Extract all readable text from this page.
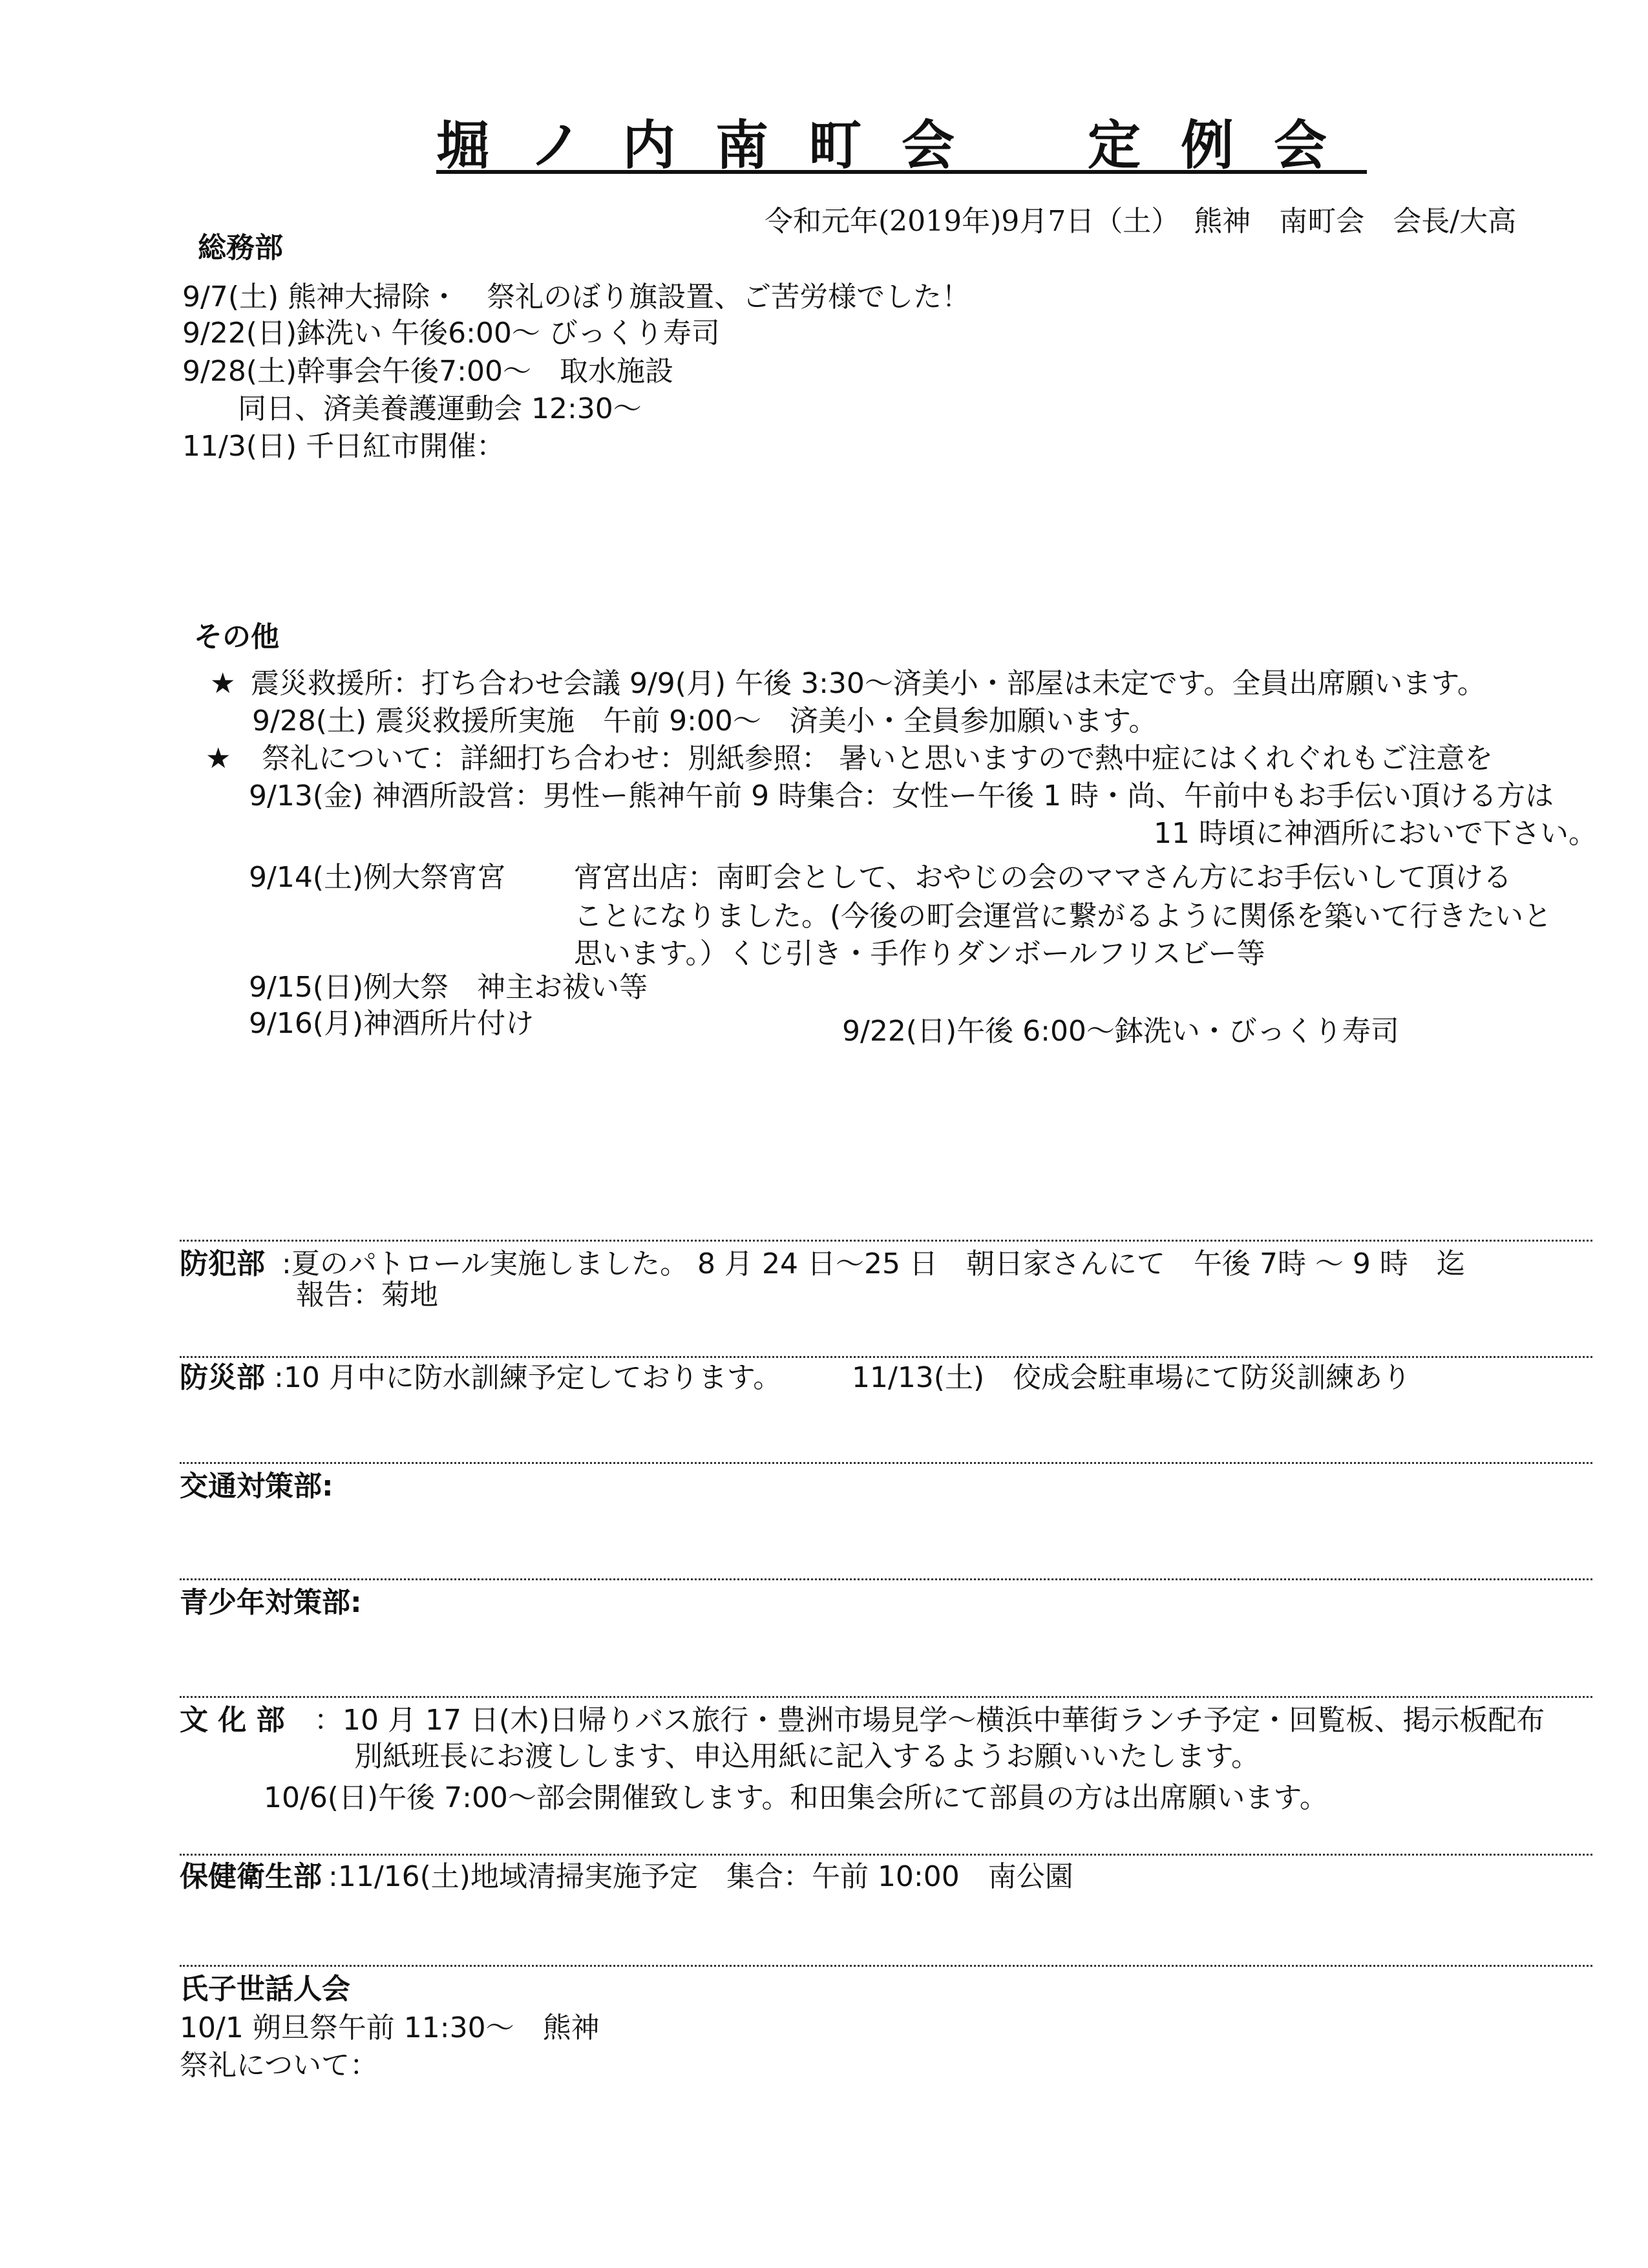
堀ノ内南町会　定例会
令和元年(2019年)9月7日（土）　熊神　南町会　会長/大高
総務部
9/7(土) 熊神大掃除・　祭礼のぼり旗設置、ご苦労様でした！
9/22(日)鉢洗い 午後6:00～ びっくり寿司
9/28(土)幹事会午後7:00～　取水施設
同日、済美養護運動会 12:30～
11/3(日) 千日紅市開催：
その他
★ 震災救援所：打ち合わせ会議 9/9(月) 午後 3:30～済美小・部屋は未定です。全員出席願います。
9/28(土) 震災救援所実施　午前 9:00～　済美小・全員参加願います。
★ 祭礼について：詳細打ち合わせ：別紙参照： 暑いと思いますので熱中症にはくれぐれもご注意を
9/13(金) 神酒所設営：男性ー熊神午前 9 時集合：女性ー午後 1 時・尚、午前中もお手伝い頂ける方は
11 時頃に神酒所においで下さい。
9/14(土)例大祭宵宮 宵宮出店：南町会として、おやじの会のママさん方にお手伝いして頂ける
ことになりました。(今後の町会運営に繋がるように関係を築いて行きたいと
思います。）くじ引き・手作りダンボールフリスビー等
9/15(日)例大祭　神主お祓い等
9/16(月)神酒所片付け	9/22(日)午後 6:00～鉢洗い・びっくり寿司
防犯部 :夏のパトロール実施しました。 8 月 24 日～25 日　朝日家さんにて　午後 7時 ～ 9 時　迄
報告：菊地
防災部 :10 月中に防水訓練予定しております。 11/13(土)　佼成会駐車場にて防災訓練あり
交通対策部:
青少年対策部:
文 化 部 ：10 月 17 日(木)日帰りバス旅行・豊洲市場見学～横浜中華街ランチ予定・回覧板、掲示板配布
別紙班長にお渡しします、申込用紙に記入するようお願いいたします。
10/6(日)午後 7:00～部会開催致します。和田集会所にて部員の方は出席願います。
保健衛生部 :11/16(土)地域清掃実施予定　集合：午前 10:00　南公園
氏子世話人会
10/1 朔旦祭午前 11:30～　熊神
祭礼について：
